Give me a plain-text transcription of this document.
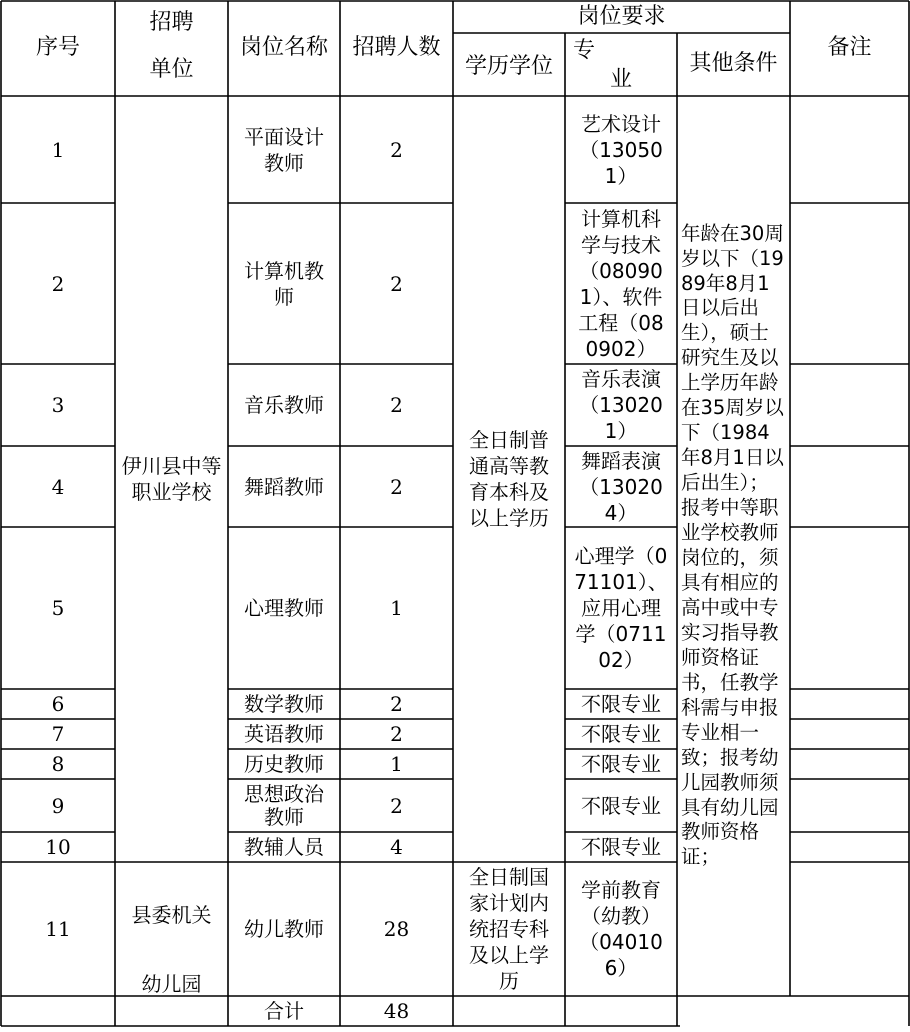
序号
招聘
单位
岗位名称	招聘人数
岗位要求
学历学位
专
业
其他条件
备注
1
2
3
4
5
6
7
8
9
10
11
伊川县中等职业学校
县委机关
幼儿园
平面设计教师
计算机教师
音乐教师
舞蹈教师
心理教师
数学教师
英语教师
历史教师
思想政治教师
教辅人员
幼儿教师
2
2
2
2
1
2
2
1
2
4
28
全日制普通高等教育本科及以上学历
全日制国家计划内统招专科及以上学历
艺术设计（130501）
计算机科学与技术（080901）、软件工程（080902）
音乐表演（130201）
舞蹈表演（130204）
心理学（071101）、应用心理学（071102）
不限专业
不限专业
不限专业
不限专业
不限专业
学前教育（幼教）（040106）
年龄在30周岁以下（1989年8月1日以后出生），硕士研究生及以上学历年龄在35周岁以下（1984年8月1日以后出生）；报考中等职业学校教师岗位的，须具有相应的高中或中专实习指导教师资格证书，任教学科需与申报专业相一致；报考幼儿园教师须具有幼儿园教师资格证；
合计	48
